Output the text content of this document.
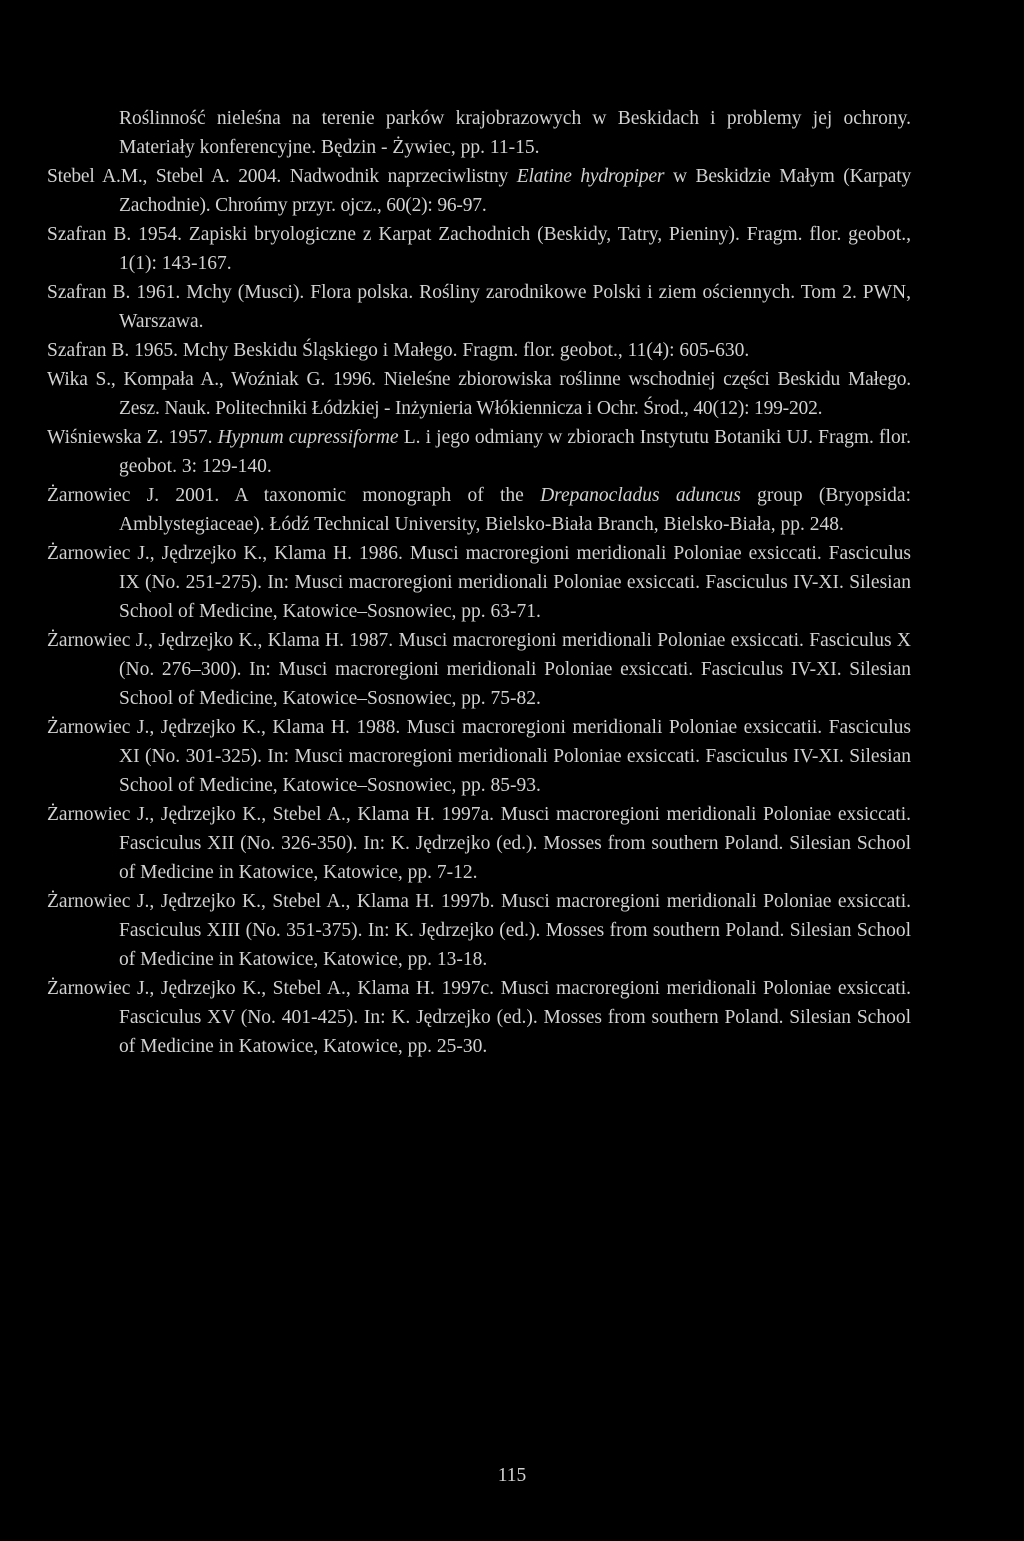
Roślinność nieleśna na terenie parków krajobrazowych w Beskidach i problemy jej ochrony. Materiały konferencyjne. Będzin - Żywiec, pp. 11-15.

Stebel A.M., Stebel A. 2004. Nadwodnik naprzeciwlistny Elatine hydropiper w Beskidzie Małym (Karpaty Zachodnie). Chrońmy przyr. ojcz., 60(2): 96-97.

Szafran B. 1954. Zapiski bryologiczne z Karpat Zachodnich (Beskidy, Tatry, Pieniny). Fragm. flor. geobot., 1(1): 143-167.

Szafran B. 1961. Mchy (Musci). Flora polska. Rośliny zarodnikowe Polski i ziem ościennych. Tom 2. PWN, Warszawa.

Szafran B. 1965. Mchy Beskidu Śląskiego i Małego. Fragm. flor. geobot., 11(4): 605-630.

Wika S., Kompała A., Woźniak G. 1996. Nieleśne zbiorowiska roślinne wschodniej części Beskidu Małego. Zesz. Nauk. Politechniki Łódzkiej - Inżynieria Włókiennicza i Ochr. Środ., 40(12): 199-202.

Wiśniewska Z. 1957. Hypnum cupressiforme L. i jego odmiany w zbiorach Instytutu Botaniki UJ. Fragm. flor. geobot. 3: 129-140.

Żarnowiec J. 2001. A taxonomic monograph of the Drepanocladus aduncus group (Bryopsida: Amblystegiaceae). Łódź Technical University, Bielsko-Biała Branch, Bielsko-Biała, pp. 248.

Żarnowiec J., Jędrzejko K., Klama H. 1986. Musci macroregioni meridionali Poloniae exsiccati. Fasciculus IX (No. 251-275). In: Musci macroregioni meridionali Poloniae exsiccati. Fasciculus IV-XI. Silesian School of Medicine, Katowice–Sosnowiec, pp. 63-71.

Żarnowiec J., Jędrzejko K., Klama H. 1987. Musci macroregioni meridionali Poloniae exsiccati. Fasciculus X (No. 276–300). In: Musci macroregioni meridionali Poloniae exsiccati. Fasciculus IV-XI. Silesian School of Medicine, Katowice–Sosnowiec, pp. 75-82.

Żarnowiec J., Jędrzejko K., Klama H. 1988. Musci macroregioni meridionali Poloniae exsiccatii. Fasciculus XI (No. 301-325). In: Musci macroregioni meridionali Poloniae exsiccati. Fasciculus IV-XI. Silesian School of Medicine, Katowice–Sosnowiec, pp. 85-93.

Żarnowiec J., Jędrzejko K., Stebel A., Klama H. 1997a. Musci macroregioni meridionali Poloniae exsiccati. Fasciculus XII (No. 326-350). In: K. Jędrzejko (ed.). Mosses from southern Poland. Silesian School of Medicine in Katowice, Katowice, pp. 7-12.

Żarnowiec J., Jędrzejko K., Stebel A., Klama H. 1997b. Musci macroregioni meridionali Poloniae exsiccati. Fasciculus XIII (No. 351-375). In: K. Jędrzejko (ed.). Mosses from southern Poland. Silesian School of Medicine in Katowice, Katowice, pp. 13-18.

Żarnowiec J., Jędrzejko K., Stebel A., Klama H. 1997c. Musci macroregioni meridionali Poloniae exsiccati. Fasciculus XV (No. 401-425). In: K. Jędrzejko (ed.). Mosses from southern Poland. Silesian School of Medicine in Katowice, Katowice, pp. 25-30.

115
